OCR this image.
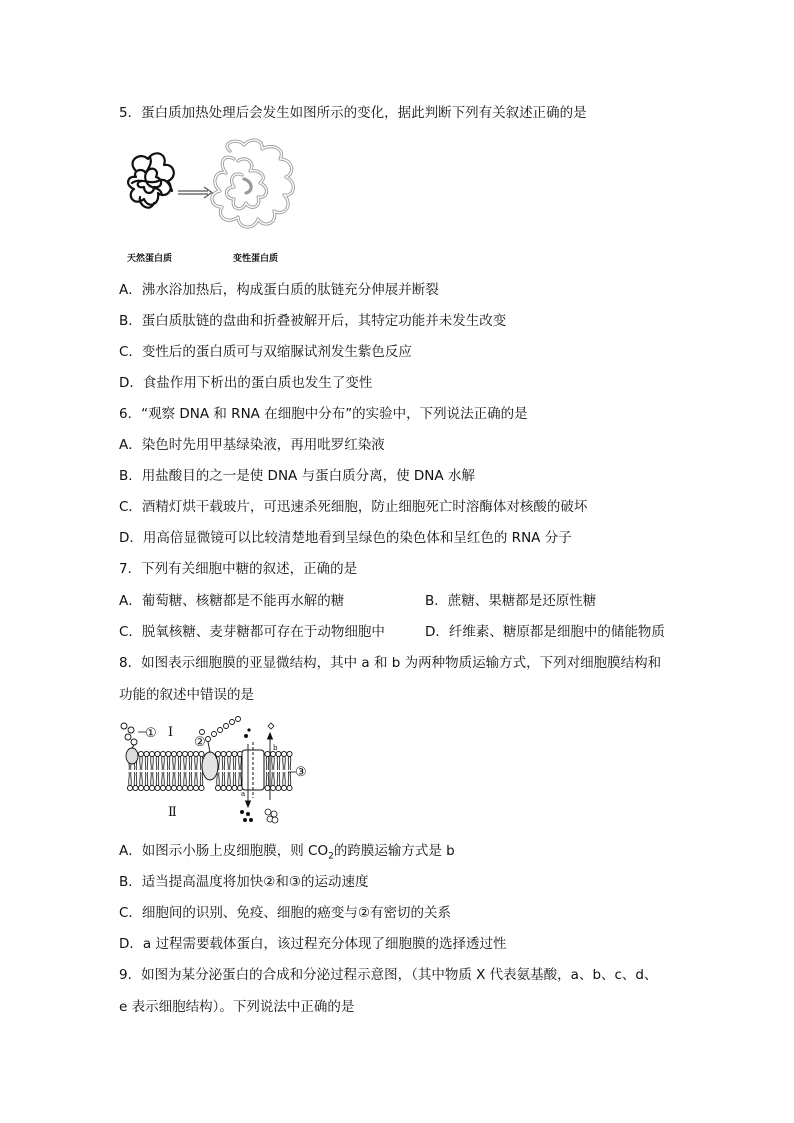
5．蛋白质加热处理后会发生如图所示的变化，据此判断下列有关叙述正确的是
天然蛋白质	变性蛋白质
A．沸水浴加热后，构成蛋白质的肽链充分伸展并断裂
B．蛋白质肽链的盘曲和折叠被解开后，其特定功能并未发生改变
C．变性后的蛋白质可与双缩脲试剂发生紫色反应
D．食盐作用下析出的蛋白质也发生了变性
6．“观察 DNA 和 RNA 在细胞中分布”的实验中，下列说法正确的是
A．染色时先用甲基绿染液，再用吡罗红染液
B．用盐酸目的之一是使 DNA 与蛋白质分离，使 DNA 水解
C．酒精灯烘干载玻片，可迅速杀死细胞，防止细胞死亡时溶酶体对核酸的破坏
D．用高倍显微镜可以比较清楚地看到呈绿色的染色体和呈红色的 RNA 分子
7．下列有关细胞中糖的叙述，正确的是
A．葡萄糖、核糖都是不能再水解的糖	B．蔗糖、果糖都是还原性糖
C．脱氧核糖、麦芽糖都可存在于动物细胞中	D．纤维素、糖原都是细胞中的储能物质
8．如图表示细胞膜的亚显微结构，其中 a 和 b 为两种物质运输方式，下列对细胞膜结构和
功能的叙述中错误的是
① Ⅰ
②
③
Ⅱ
a
b
A．如图示小肠上皮细胞膜，则 $CO_2$的跨膜运输方式是 b
B．适当提高温度将加快②和③的运动速度
C．细胞间的识别、免疫、细胞的癌变与②有密切的关系
D．a 过程需要载体蛋白，该过程充分体现了细胞膜的选择透过性
9．如图为某分泌蛋白的合成和分泌过程示意图，（其中物质 X 代表氨基酸，a、b、c、d、
e 表示细胞结构）。下列说法中正确的是
